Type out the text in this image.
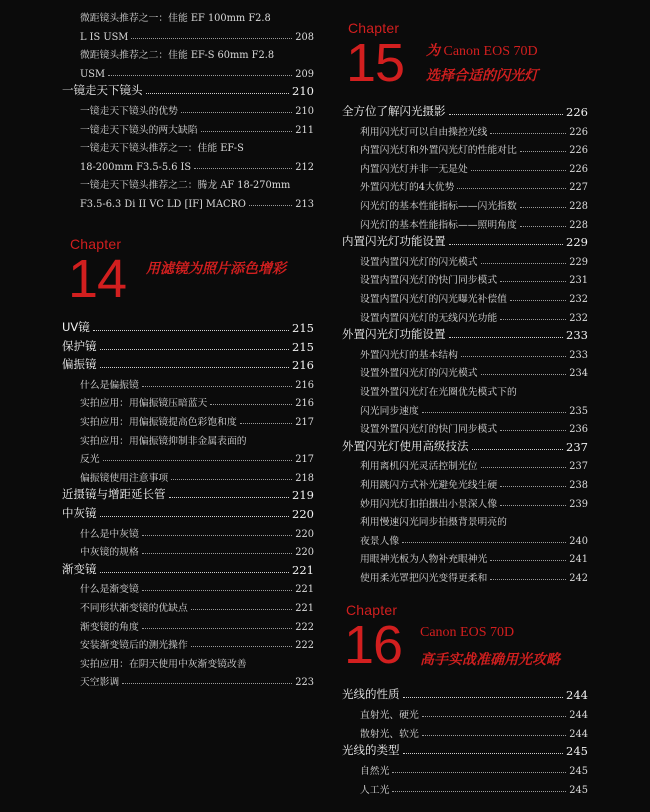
微距镜头推荐之一：佳能 EF 100mm F2.8
L IS USM	208
微距镜头推荐之二：佳能 EF-S 60mm F2.8
USM	209
一镜走天下镜头	210
一镜走天下镜头的优势	210
一镜走天下镜头的两大缺陷	211
一镜走天下镜头推荐之一：佳能 EF-S
18-200mm F3.5-5.6 IS	212
一镜走天下镜头推荐之二：腾龙 AF 18-270mm
F3.5-6.3 Di II VC LD [IF] MACRO	213
Chapter
14 用滤镜为照片添色增彩
UV镜	215
保护镜	215
偏振镜	216
什么是偏振镜	216
实拍应用：用偏振镜压暗蓝天	216
实拍应用：用偏振镜提高色彩饱和度	217
实拍应用：用偏振镜抑制非金属表面的
反光	217
偏振镜使用注意事项	218
近摄镜与增距延长管	219
中灰镜	220
什么是中灰镜	220
中灰镜的规格	220
渐变镜	221
什么是渐变镜	221
不同形状渐变镜的优缺点	221
渐变镜的角度	222
安装渐变镜后的测光操作	222
实拍应用：在阴天使用中灰渐变镜改善
天空影调	223
Chapter
15 为 Canon EOS 70D
选择合适的闪光灯
全方位了解闪光摄影	226
利用闪光灯可以自由操控光线	226
内置闪光灯和外置闪光灯的性能对比	226
内置闪光灯并非一无是处	226
外置闪光灯的4大优势	227
闪光灯的基本性能指标——闪光指数	228
闪光灯的基本性能指标——照明角度	228
内置闪光灯功能设置	229
设置内置闪光灯的闪光模式	229
设置内置闪光灯的快门同步模式	231
设置内置闪光灯的闪光曝光补偿值	232
设置内置闪光灯的无线闪光功能	232
外置闪光灯功能设置	233
外置闪光灯的基本结构	233
设置外置闪光灯的闪光模式	234
设置外置闪光灯在光圈优先模式下的
闪光同步速度	235
设置外置闪光灯的快门同步模式	236
外置闪光灯使用高级技法	237
利用离机闪光灵活控制光位	237
利用跳闪方式补光避免光线生硬	238
妙用闪光灯扣拍摄出小景深人像	239
利用慢速闪光同步拍摄背景明亮的
夜景人像	240
用眼神光板为人物补充眼神光	241
使用柔光罩把闪光变得更柔和	242
Chapter
16 Canon EOS 70D
高手实战准确用光攻略
光线的性质	244
直射光、硬光	244
散射光、软光	244
光线的类型	245
自然光	245
人工光	245
